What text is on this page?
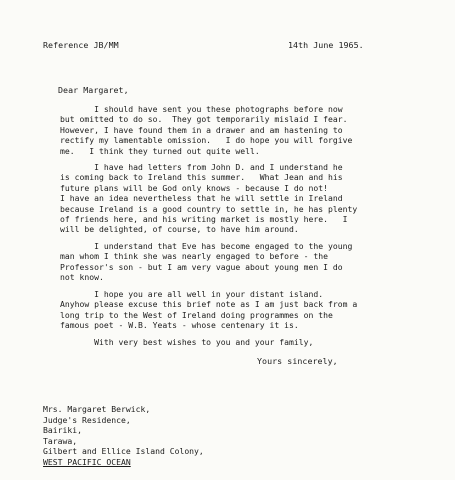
Reference JB/MM	14th June 1965.
Dear Margaret,
I should have sent you these photographs before now
but omitted to do so.  They got temporarily mislaid I fear.
However, I have found them in a drawer and am hastening to
rectify my lamentable omission.   I do hope you will forgive
me.   I think they turned out quite well.
I have had letters from John D. and I understand he
is coming back to Ireland this summer.   What Jean and his
future plans will be God only knows - because I do not!
I have an idea nevertheless that he will settle in Ireland
because Ireland is a good country to settle in, he has plenty
of friends here, and his writing market is mostly here.   I
will be delighted, of course, to have him around.
I understand that Eve has become engaged to the young
man whom I think she was nearly engaged to before - the
Professor's son - but I am very vague about young men I do
not know.
I hope you are all well in your distant island.
Anyhow please excuse this brief note as I am just back from a
long trip to the West of Ireland doing programmes on the
famous poet - W.B. Yeats - whose centenary it is.
With very best wishes to you and your family,
Yours sincerely,
Mrs. Margaret Berwick,
Judge's Residence,
Bairiki,
Tarawa,
Gilbert and Ellice Island Colony,
WEST PACIFIC OCEAN
